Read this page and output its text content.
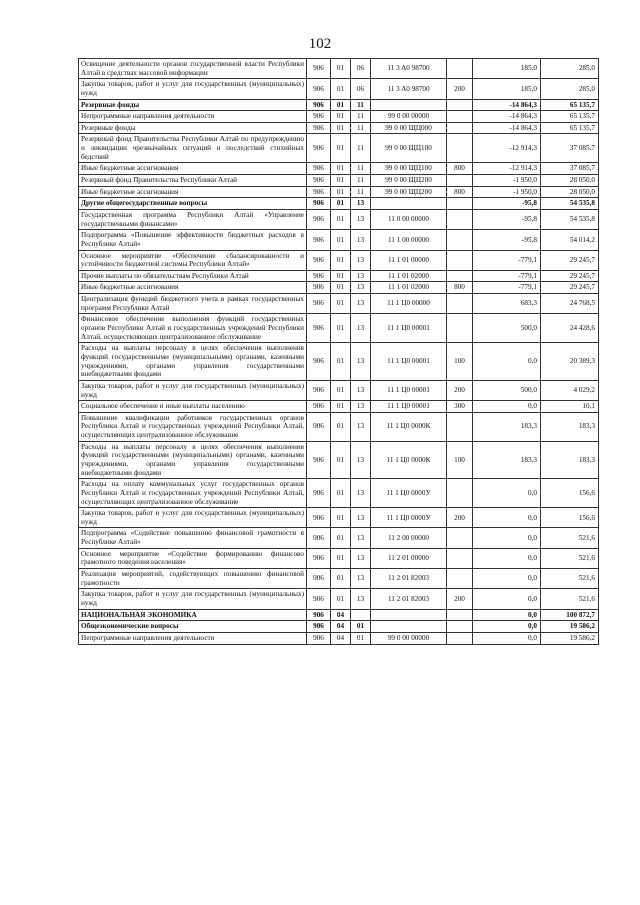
102
Освещение деятельности органов государственной власти Республики Алтай в средствах массовой информации	906	01	06	11 3 A0 98700		185,0	285,0
Закупка товаров, работ и услуг для государственных (муниципальных) нужд	906	01	06	11 3 A0 98700	200	185,0	285,0
Резервные фонды	906	01	11			-14 864,3	65 135,7
Непрограммные направления деятельности	906	01	11	99 0 00 00000		-14 864,3	65 135,7
Резервные фонды	906	01	11	99 0 00 ЩЦ000		-14 864,3	65 135,7
Резервный фонд Правительства Республики Алтай по предупреждению и ликвидации чрезвычайных ситуаций и последствий стихийных бедствий	906	01	11	99 0 00 ЩЦ100		-12 914,3	37 085,7
Иные бюджетные ассигнования	906	01	11	99 0 00 ЩЦ100	800	-12 914,3	37 085,7
Резервный фонд Правительства Республики Алтай	906	01	11	99 0 00 ЩЦ200		-1 950,0	28 050,0
Иные бюджетные ассигнования	906	01	11	99 0 00 ЩЦ200	800	-1 950,0	28 050,0
Другие общегосударственные вопросы	906	01	13			-95,8	54 535,8
Государственная программа Республики Алтай «Управление государственными финансами»	906	01	13	11 0 00 00000		-95,8	54 535,8
Подпрограмма «Повышение эффективности бюджетных расходов в Республике Алтай»	906	01	13	11 1 00 00000		-95,8	54 014,2
Основное мероприятие «Обеспечение сбалансированности и устойчивости бюджетной системы Республики Алтай»	906	01	13	11 1 01 00000		-779,1	29 245,7
Прочие выплаты по обязательствам Республики Алтай	906	01	13	11 1 01 02000		-779,1	29 245,7
Иные бюджетные ассигнования	906	01	13	11 1 01 02000	800	-779,1	29 245,7
Централизация функций бюджетного учета в рамках государственных программ Республики Алтай	906	01	13	11 1 Ц0 00000		683,3	24 768,5
Финансовое обеспечение выполнения функций государственных органов Республики Алтай и государственных учреждений Республики Алтай, осуществляющих централизованное обслуживание	906	01	13	11 1 Ц0 00001		500,0	24 428,6
Расходы на выплаты персоналу в целях обеспечения выполнения функций государственными (муниципальными) органами, казенными учреждениями, органами управления государственными внебюджетными фондами	906	01	13	11 1 Ц0 00001	100	0,0	20 389,3
Закупка товаров, работ и услуг для государственных (муниципальных) нужд	906	01	13	11 1 Ц0 00001	200	500,0	4 029,2
Социальное обеспечение и иные выплаты населению	906	01	13	11 1 Ц0 00001	300	0,0	10,1
Повышение квалификации работников государственных органов Республики Алтай и государственных учреждений Республики Алтай, осуществляющих централизованное обслуживание	906	01	13	11 1 Ц0 0000К		183,3	183,3
Расходы на выплаты персоналу в целях обеспечения выполнения функций государственными (муниципальными) органами, казенными учреждениями, органами управления государственными внебюджетными фондами	906	01	13	11 1 Ц0 0000К	100	183,3	183,3
Расходы на оплату коммунальных услуг государственных органов Республики Алтай и государственных учреждений Республики Алтай, осуществляющих централизованное обслуживание	906	01	13	11 1 Ц0 0000У		0,0	156,6
Закупка товаров, работ и услуг для государственных (муниципальных) нужд	906	01	13	11 1 Ц0 0000У	200	0,0	156,6
Подпрограмма «Содействие повышению финансовой грамотности в Республике Алтай»	906	01	13	11 2 00 00000		0,0	521,6
Основное мероприятие «Содействие формированию финансово грамотного поведения населения»	906	01	13	11 2 01 00000		0,0	521,6
Реализация мероприятий, содействующих повышению финансовой грамотности	906	01	13	11 2 01 82003		0,0	521,6
Закупка товаров, работ и услуг для государственных (муниципальных) нужд	906	01	13	11 2 01 82003	200	0,0	521,6
НАЦИОНАЛЬНАЯ ЭКОНОМИКА	906	04				0,0	100 872,7
Общеэкономические вопросы	906	04	01			0,0	19 586,2
Непрограммные направления деятельности	906	04	01	99 0 00 00000		0,0	19 586,2
